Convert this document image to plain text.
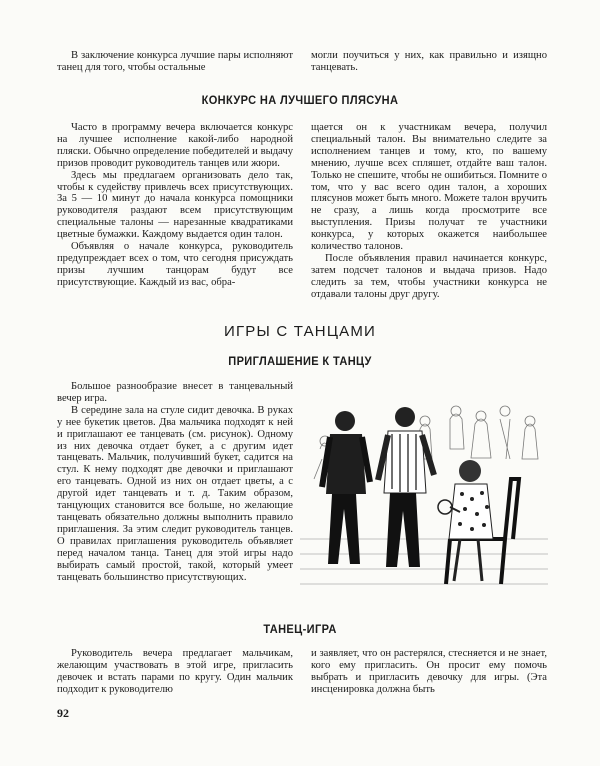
В заключение конкурса лучшие пары исполняют танец для того, чтобы остальные

могли поучиться у них, как правильно и изящно танцевать.

КОНКУРС НА ЛУЧШЕГО ПЛЯСУНА

Часто в программу вечера включается конкурс на лучшее исполнение какой-либо народной пляски. Обычно определение победителей и выдачу призов проводит руководитель танцев или жюри.

Здесь мы предлагаем организовать дело так, чтобы к судейству привлечь всех присутствующих. За 5 — 10 минут до начала конкурса помощники руководителя раздают всем присутствующим специальные талоны — нарезанные квадратиками цветные бумажки. Каждому выдается один талон.

Объявляя о начале конкурса, руководитель предупреждает всех о том, что сегодня присуждать призы лучшим танцорам будут все присутствующие. Каждый из вас, обра-

щается он к участникам вечера, получил специальный талон. Вы внимательно следите за исполнением танцев и тому, кто, по вашему мнению, лучше всех спляшет, отдайте ваш талон. Только не спешите, чтобы не ошибиться. Помните о том, что у вас всего один талон, а хороших плясунов может быть много. Можете талон вручить не сразу, а лишь когда просмотрите все выступления. Призы получат те участники конкурса, у которых окажется наибольшее количество талонов.

После объявления правил начинается конкурс, затем подсчет талонов и выдача призов. Надо следить за тем, чтобы участники конкурса не отдавали талоны друг другу.

ИГРЫ С ТАНЦАМИ
ПРИГЛАШЕНИЕ К ТАНЦУ

Большое разнообразие внесет в танцевальный вечер игра.

В середине зала на стуле сидит девочка. В руках у нее букетик цветов. Два мальчика подходят к ней и приглашают ее танцевать (см. рисунок). Одному из них девочка отдает букет, а с другим идет танцевать. Мальчик, получивший букет, садится на стул. К нему подходят две девочки и приглашают его танцевать. Одной из них он отдает цветы, а с другой идет танцевать и т. д. Таким образом, танцующих становится все больше, но желающие танцевать обязательно должны выполнить правило приглашения. За этим следит руководитель танцев. О правилах приглашения руководитель объявляет перед началом танца. Танец для этой игры надо выбирать самый простой, такой, который умеет танцевать большинство присутствующих.

ТАНЕЦ-ИГРА

Руководитель вечера предлагает мальчикам, желающим участвовать в этой игре, пригласить девочек и встать парами по кругу. Один мальчик подходит к руководителю

и заявляет, что он растерялся, стесняется и не знает, кого ему пригласить. Он просит ему помочь выбрать и пригласить девочку для игры. (Эта инсценировка должна быть

92
